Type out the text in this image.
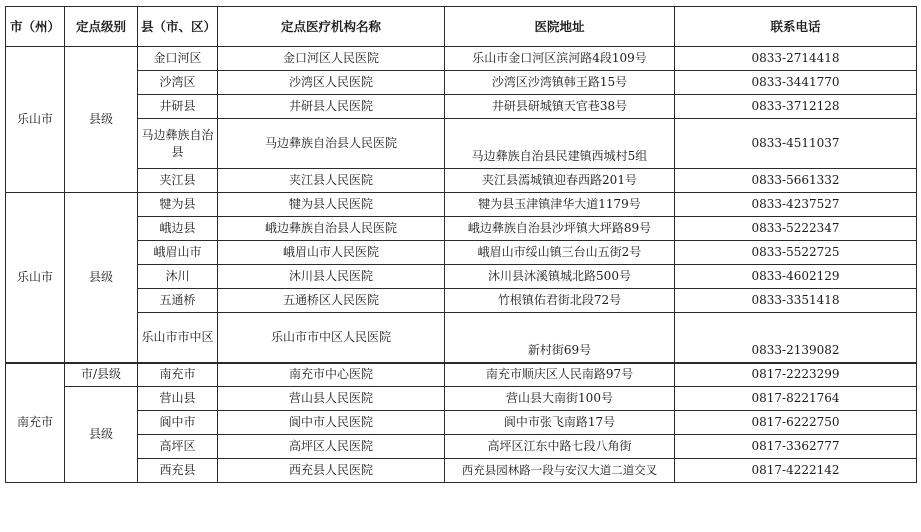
市（州）	定点级别	县（市、区）	定点医疗机构名称	医院地址	联系电话
乐山市	县级	金口河区	金口河区人民医院	乐山市金口河区滨河路4段109号	0833-2714418
		沙湾区	沙湾区人民医院	沙湾区沙湾镇韩王路15号	0833-3441770
		井研县	井研县人民医院	井研县研城镇天官巷38号	0833-3712128
		马边彝族自治县	马边彝族自治县人民医院	马边彝族自治县民建镇西城村5组	0833-4511037
		夹江县	夹江县人民医院	夹江县漹城镇迎春西路201号	0833-5661332
乐山市	县级	犍为县	犍为县人民医院	犍为县玉津镇津华大道1179号	0833-4237527
		峨边县	峨边彝族自治县人民医院	峨边彝族自治县沙坪镇大坪路89号	0833-5222347
		峨眉山市	峨眉山市人民医院	峨眉山市绥山镇三台山五街2号	0833-5522725
		沐川	沐川县人民医院	沐川县沐溪镇城北路500号	0833-4602129
		五通桥	五通桥区人民医院	竹根镇佑君街北段72号	0833-3351418
		乐山市市中区	乐山市市中区人民医院	新村街69号	0833-2139082
南充市	市/县级	南充市	南充市中心医院	南充市顺庆区人民南路97号	0817-2223299
	县级	营山县	营山县人民医院	营山县大南街100号	0817-8221764
		阆中市	阆中市人民医院	阆中市张飞南路17号	0817-6222750
		高坪区	高坪区人民医院	高坪区江东中路七段八角街	0817-3362777
		西充县	西充县人民医院	西充县园林路一段与安汉大道二道交叉	0817-4222142
